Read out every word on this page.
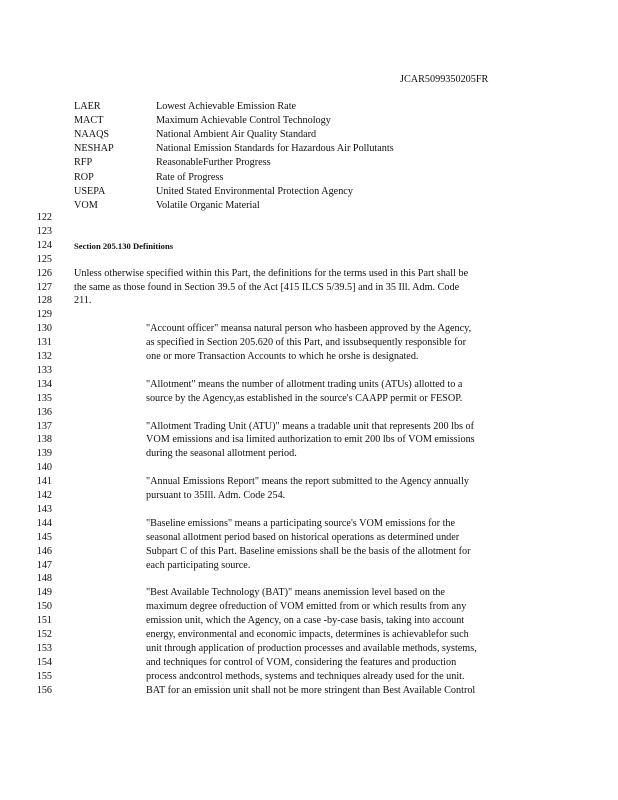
JCAR5099350205FR
LAER	Lowest Achievable Emission Rate
MACT	Maximum Achievable Control Technology
NAAQS	National Ambient Air Quality Standard
NESHAP	National Emission Standards for Hazardous Air Pollutants
RFP	ReasonableFurther Progress
ROP	Rate of Progress
USEPA	United Stated Environmental Protection Agency
VOM	Volatile Organic Material
122
123
124	Section 205.130 Definitions
125
126 Unless otherwise specified within this Part, the definitions for the terms used in this Part shall be
127 the same as those found in Section 39.5 of the Act [415 ILCS 5/39.5] and in 35 Ill. Adm. Code
128 211.
129
130	"Account officer" meansa natural person who hasbeen approved by the Agency,
131	as specified in Section 205.620 of this Part, and issubsequently responsible for
132	one or more Transaction Accounts to which he orshe is designated.
133
134	"Allotment" means the number of allotment trading units (ATUs) allotted to a
135	source by the Agency,as established in the source's CAAPP permit or FESOP.
136
137	"Allotment Trading Unit (ATU)" means a tradable unit that represents 200 lbs of
138	VOM emissions and isa limited authorization to emit 200 lbs of VOM emissions
139	during the seasonal allotment period.
140
141	"Annual Emissions Report" means the report submitted to the Agency annually
142	pursuant to 35Ill. Adm. Code 254.
143
144	"Baseline emissions" means a participating source's VOM emissions for the
145	seasonal allotment period based on historical operations as determined under
146	Subpart C of this Part. Baseline emissions shall be the basis of the allotment for
147	each participating source.
148
149	"Best Available Technology (BAT)" means anemission level based on the
150	maximum degree ofreduction of VOM emitted from or which results from any
151	emission unit, which the Agency, on a case -by-case basis, taking into account
152	energy, environmental and economic impacts, determines is achievablefor such
153	unit through application of production processes and available methods, systems,
154	and techniques for control of VOM, considering the features and production
155	process andcontrol methods, systems and techniques already used for the unit.
156	BAT for an emission unit shall not be more stringent than Best Available Control
